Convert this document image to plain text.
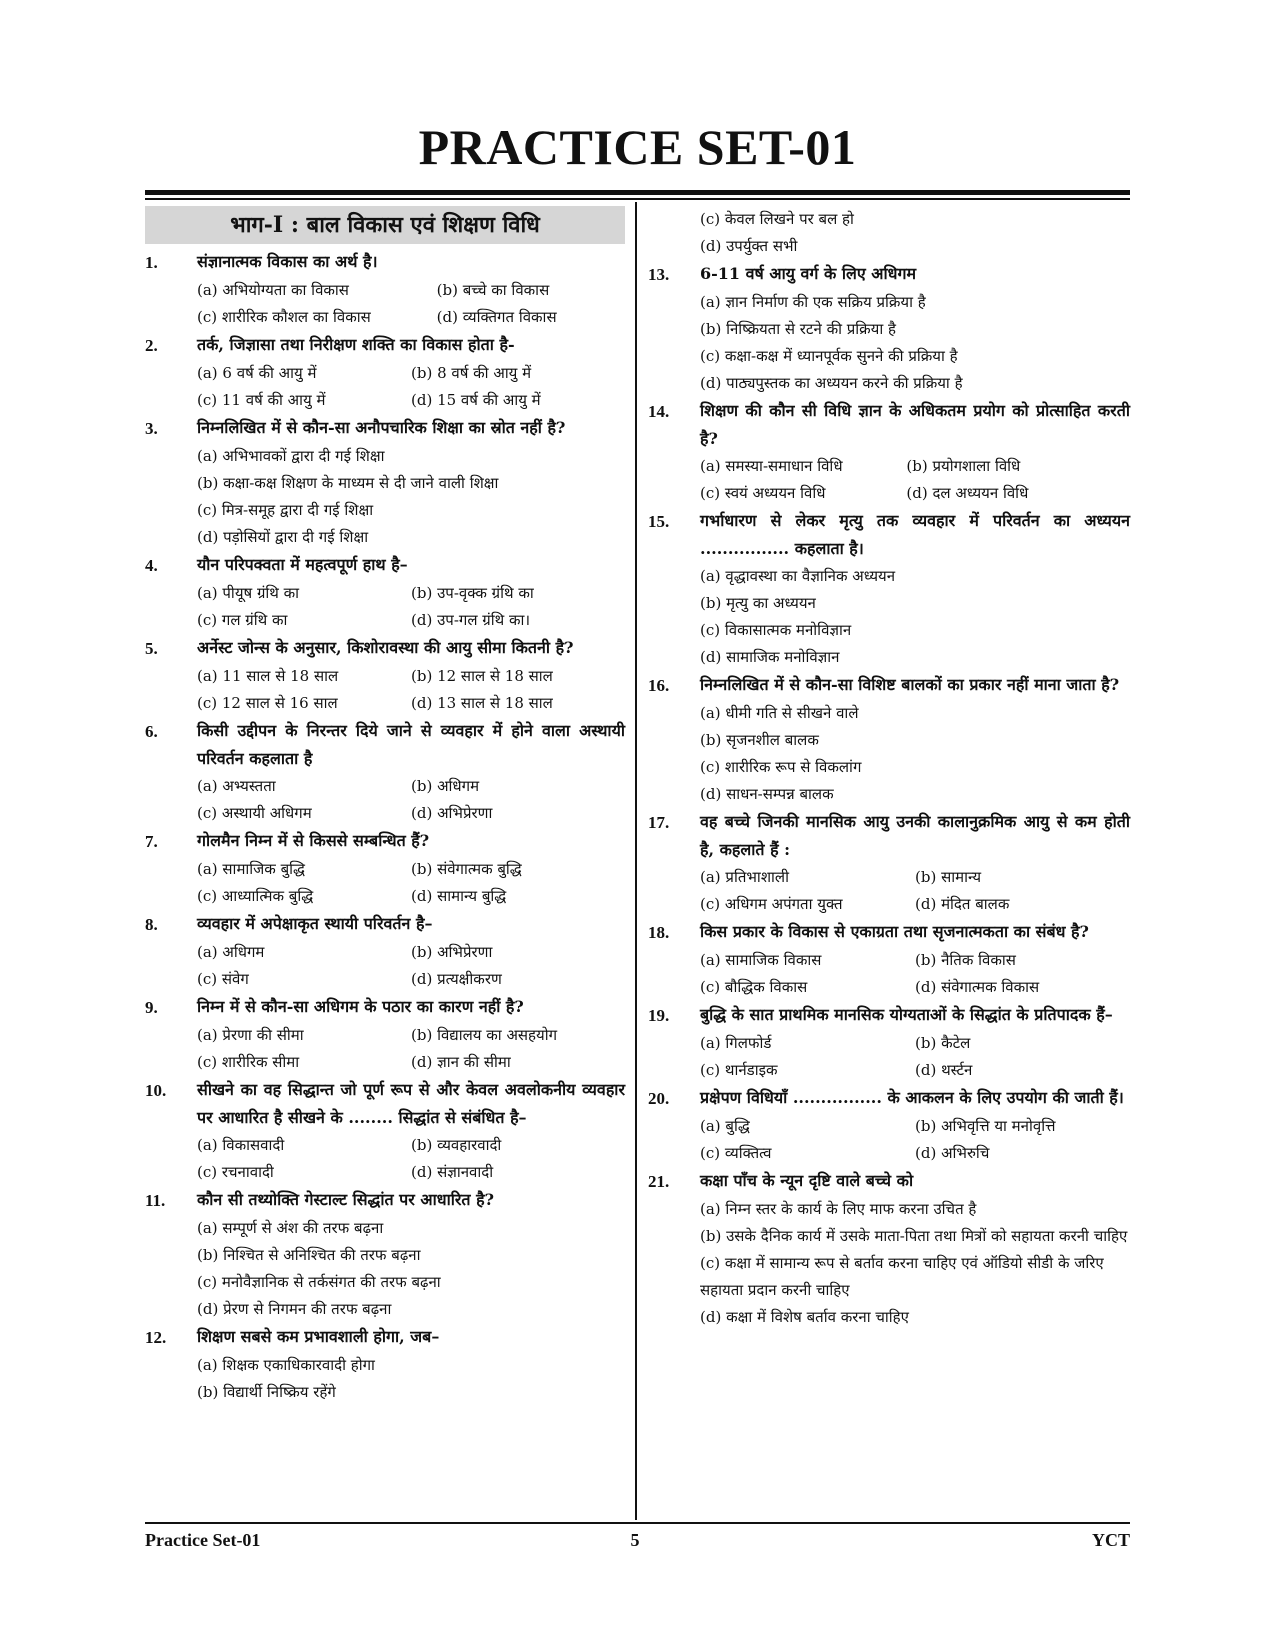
PRACTICE SET-01
भाग-I : बाल विकास एवं शिक्षण विधि
1.	संज्ञानात्मक विकास का अर्थ है।
(a) अभियोग्यता का विकास	(b) बच्चे का विकास
(c) शारीरिक कौशल का विकास	(d) व्यक्तिगत विकास
2.	तर्क, जिज्ञासा तथा निरीक्षण शक्ति का विकास होता है-
(a) 6 वर्ष की आयु में	(b) 8 वर्ष की आयु में
(c) 11 वर्ष की आयु में	(d) 15 वर्ष की आयु में
3.	निम्नलिखित में से कौन-सा अनौपचारिक शिक्षा का स्रोत नहीं है?
(a) अभिभावकों द्वारा दी गई शिक्षा
(b) कक्षा-कक्ष शिक्षण के माध्यम से दी जाने वाली शिक्षा
(c) मित्र-समूह द्वारा दी गई शिक्षा
(d) पड़ोसियों द्वारा दी गई शिक्षा
4.	यौन परिपक्वता में महत्वपूर्ण हाथ है–
(a) पीयूष ग्रंथि का	(b) उप-वृक्क ग्रंथि का
(c) गल ग्रंथि का	(d) उप-गल ग्रंथि का।
5.	अर्नेस्ट जोन्स के अनुसार, किशोरावस्था की आयु सीमा कितनी है?
(a) 11 साल से 18 साल	(b) 12 साल से 18 साल
(c) 12 साल से 16 साल	(d) 13 साल से 18 साल
6.	किसी उद्दीपन के निरन्तर दिये जाने से व्यवहार में होने वाला अस्थायी परिवर्तन कहलाता है
(a) अभ्यस्तता	(b) अधिगम
(c) अस्थायी अधिगम	(d) अभिप्रेरणा
7.	गोलमैन निम्न में से किससे सम्बन्धित हैं?
(a) सामाजिक बुद्धि	(b) संवेगात्मक बुद्धि
(c) आध्यात्मिक बुद्धि	(d) सामान्य बुद्धि
8.	व्यवहार में अपेक्षाकृत स्थायी परिवर्तन है–
(a) अधिगम	(b) अभिप्रेरणा
(c) संवेग	(d) प्रत्यक्षीकरण
9.	निम्न में से कौन-सा अधिगम के पठार का कारण नहीं है?
(a) प्रेरणा की सीमा	(b) विद्यालय का असहयोग
(c) शारीरिक सीमा	(d) ज्ञान की सीमा
10.	सीखने का वह सिद्धान्त जो पूर्ण रूप से और केवल अवलोकनीय व्यवहार पर आधारित है सीखने के ........ सिद्धांत से संबंधित है–
(a) विकासवादी	(b) व्यवहारवादी
(c) रचनावादी	(d) संज्ञानवादी
11.	कौन सी तथ्योक्ति गेस्टाल्ट सिद्धांत पर आधारित है?
(a) सम्पूर्ण से अंश की तरफ बढ़ना
(b) निश्चित से अनिश्चित की तरफ बढ़ना
(c) मनोवैज्ञानिक से तर्कसंगत की तरफ बढ़ना
(d) प्रेरण से निगमन की तरफ बढ़ना
12.	शिक्षण सबसे कम प्रभावशाली होगा, जब–
(a) शिक्षक एकाधिकारवादी होगा
(b) विद्यार्थी निष्क्रिय रहेंगे
(c) केवल लिखने पर बल हो
(d) उपर्युक्त सभी
13.	6-11 वर्ष आयु वर्ग के लिए अधिगम
(a) ज्ञान निर्माण की एक सक्रिय प्रक्रिया है
(b) निष्क्रियता से रटने की प्रक्रिया है
(c) कक्षा-कक्ष में ध्यानपूर्वक सुनने की प्रक्रिया है
(d) पाठ्यपुस्तक का अध्ययन करने की प्रक्रिया है
14.	शिक्षण की कौन सी विधि ज्ञान के अधिकतम प्रयोग को प्रोत्साहित करती है?
(a) समस्या-समाधान विधि	(b) प्रयोगशाला विधि
(c) स्वयं अध्ययन विधि	(d) दल अध्ययन विधि
15.	गर्भाधारण से लेकर मृत्यु तक व्यवहार में परिवर्तन का अध्ययन ................ कहलाता है।
(a) वृद्धावस्था का वैज्ञानिक अध्ययन
(b) मृत्यु का अध्ययन
(c) विकासात्मक मनोविज्ञान
(d) सामाजिक मनोविज्ञान
16.	निम्नलिखित में से कौन-सा विशिष्ट बालकों का प्रकार नहीं माना जाता है?
(a) धीमी गति से सीखने वाले
(b) सृजनशील बालक
(c) शारीरिक रूप से विकलांग
(d) साधन-सम्पन्न बालक
17.	वह बच्चे जिनकी मानसिक आयु उनकी कालानुक्रमिक आयु से कम होती है, कहलाते हैं :
(a) प्रतिभाशाली	(b) सामान्य
(c) अधिगम अपंगता युक्त	(d) मंदित बालक
18.	किस प्रकार के विकास से एकाग्रता तथा सृजनात्मकता का संबंध है?
(a) सामाजिक विकास	(b) नैतिक विकास
(c) बौद्धिक विकास	(d) संवेगात्मक विकास
19.	बुद्धि के सात प्राथमिक मानसिक योग्यताओं के सिद्धांत के प्रतिपादक हैं–
(a) गिलफोर्ड	(b) कैटेल
(c) थार्नडाइक	(d) थर्स्टन
20.	प्रक्षेपण विधियाँ ................ के आकलन के लिए उपयोग की जाती हैं।
(a) बुद्धि	(b) अभिवृत्ति या मनोवृत्ति
(c) व्यक्तित्व	(d) अभिरुचि
21.	कक्षा पाँच के न्यून दृष्टि वाले बच्चे को
(a) निम्न स्तर के कार्य के लिए माफ करना उचित है
(b) उसके दैनिक कार्य में उसके माता-पिता तथा मित्रों को सहायता करनी चाहिए
(c) कक्षा में सामान्य रूप से बर्ताव करना चाहिए एवं ऑडियो सीडी के जरिए सहायता प्रदान करनी चाहिए
(d) कक्षा में विशेष बर्ताव करना चाहिए
Practice Set-01	5	YCT
